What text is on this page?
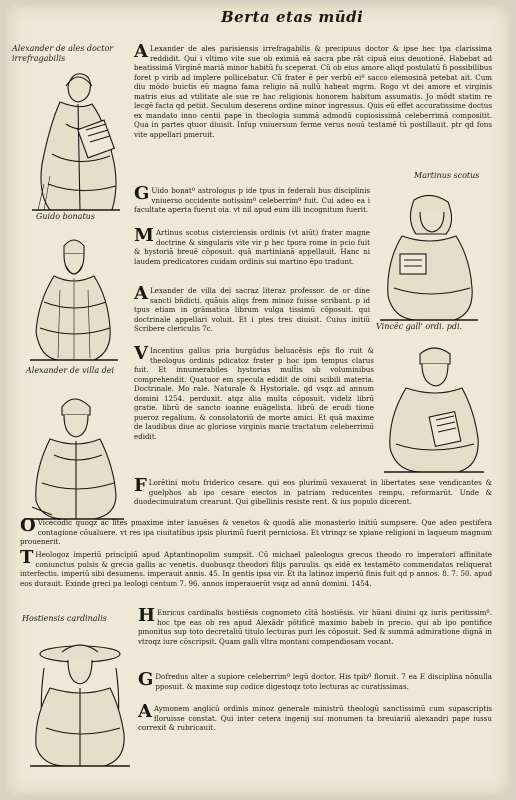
Berta etas mūdi
Alexander de ales doctor irrefragabilis
Guido bonatus
Alexander de villa dei
Martinus scotus
Vincēc gall' ordi. pdi.
Hostiensis cardinalis
A Lexander de ales parisiensis irrefragabilis & precipuus doctor & ipse hec tpa clarissima reddidit. Qui i vltimo vite sue ob eximiā eā sacra pbe rāt cipuā eius deuotionē. Habebat ad beatissimā Virginē mariā minor habitū fu sceperat. Cū ob eius amore aliqd postulatū fi possibilibus foret p virib ad implere pollicebatur. Cū frater ē per verbū eiº sacco elemosinā petebat ait. Cum diu mōdo buictis eū magna fama religio nā nullū habeat mgrm. Rogo vt dei amore et virginis matris eius ad vtilitate ale sue re hac religionis honorem habitum assumatis. Jo mōdt statim re lecgē facta qd petiit. Seculum deserens ordine minor ingressus. Quis eū effet accuratissime doctus ex mandato inno centii pape in theologia summā admodū copiosissimā celeberrimā compositit. Qua in partes qtuor diuisit. Infup vniuersum ferme verus nouū testamē tū postillauit. ptr qd fons vite appellari pmeruit.
G Uido bonatº astrologus p ide tpus in federali bus disciplinis vniuerso occidente notissimº celeberrimº fuit. Cui adeo ea i facultate aperta fuerut oia. vt nil apud eum illi incognitum fuerit.
M Artinus scotus cisterciensis ordinis (vt aiūt) frater magne doctrine & singularis vite vir p hec tpora rome in pcio fuit & hystoriā breuē cōposuit. quā martinianā appellauit. Hanc ni laudem predicatores cuidam ordinis sui martino ēpo tradunt.
A Lexander de villa dei sacraz literaz professor. de or dine sancti bñdicti. quāuis aliqs frem minoz fuisse scribant. p id tpus etiam in grāmatica librum vulga tissimū cōposuit. qui doctrinale appellari voluit. Et i ptes tres diuisit. Cuius initiū Scribere clericulis 7c.
V Incentius gallus pria burgūdus beluacēsis ep̄s flo ruit & theologus ordinis pdicatoz frater p hoc ipm tempus clarus fuit. Et innumerabiles hystorias mult̄is sb voluminibus comprehendit. Quatuor em specula edidit de oini scibili materia. Doctrinale. Mo rale. Naturale & Hystoriale. qd vsqz ad annum domini 1254. perduxit. atqz alia multa cōposuit. videlz librū gratie. librū de sancto ioanne euāgelista. librū de erudi tione pueroz regalium. & consolatoriū de morte amici. Et quā maxime de laudibus diue ac gloriose virginis marie tractatum celeberrimū edidit.
F Lorētini motu friderico cesare. qui eos plurimū vexauerat in libertates sese vendicantes & guelphos ab ipo cesare eiectos in patriam reducentes rempu. reformarūt. Unde & duodecimuiratum crearunt. Qui gibellinis resiste rent. & ius populo dicerent.
O Vicecōdic quoqz ac lites pmaxime inter ianuēses & venetos & quodā alie monasterio initiū sumpsere. Que adeo pestifera contagione cōualuere. vt res ipa ciuitatibus ipsis plurimū fuerit perniciosa. Et vtrinqz se xpiane religioni in laqueum magnum prouenerit.
T Heologoz imperiū principiū apud Aptantinopolim sumpsit. Cū michael paleologus grecus theodo ro imperatori affinitate coniunctus pulsis & grecia gallis ac venetis. duobusqz theodori filijs paruulis. qs eidē ex testamēto commendatos reliquerat interfectis. imperiū sibi desumens. imperauit annis. 45. In gentis ipsa vir. Et ita latinoz imperiū finis fuit qd p annos. 8. 7. 50. apud eos durauit. Exinde greci pa leologi centum 7. 96. annos imperauerūt vsqz ad annū domini. 1454.
H Enricus cardinalis hostiēsis cognometo cītā hostiēsis. vir hūani diuini qz iuris peritissimº. hoc tpe eas ob res apud Alexādr pōtificē maximo babeb in precio. qui ab ipo pontifice pmonitus sup toto decretaliū titulo lecturas puri les cōposuit. Sed & summā admiratione dignā in vtroqz iure cōscripsit. Quam galli vltra montani compendiosam vocant.
G Dofredus alter a supiore celeberrimº legū doctor. His tpibº floruit. 7 ea E disciplina nōnulla pposuit. & maxime sup codice digestoqz toto lecturas ac curatissimas.
A Aymonem anglicū ordinis minoz generale ministrū theologū sanctissimū cum supascriptis floruisse constat. Qui inter cetera ingenij sui monumen ta breuiariū alexandri pape iussu correxit & rubricauit.
